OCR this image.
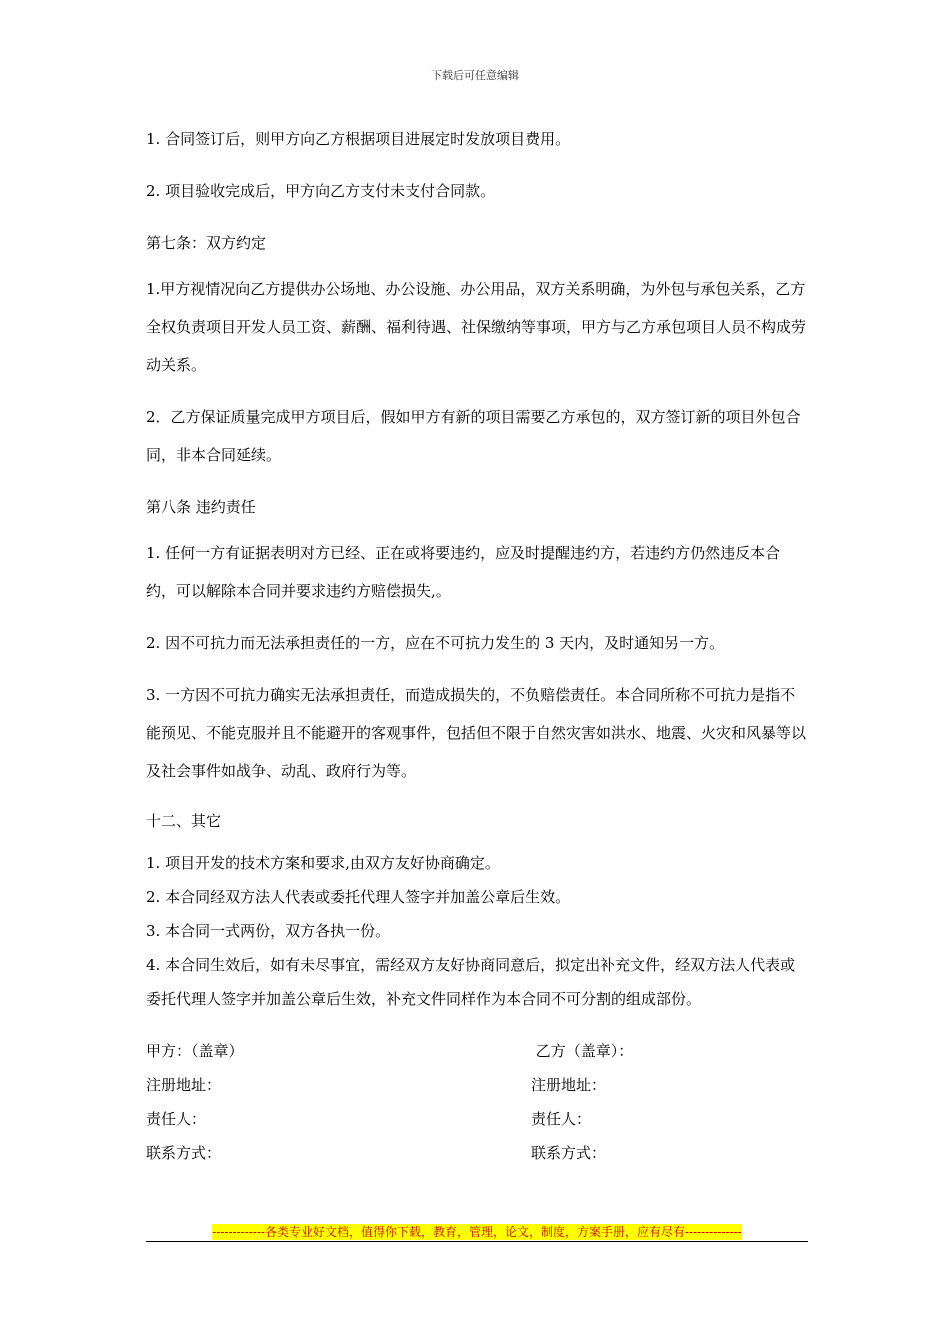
下载后可任意编辑

1. 合同签订后，则甲方向乙方根据项目进展定时发放项目费用。

2. 项目验收完成后，甲方向乙方支付未支付合同款。

第七条：双方约定

1.甲方视情况向乙方提供办公场地、办公设施、办公用品，双方关系明确，为外包与承包关系，乙方全权负责项目开发人员工资、薪酬、福利待遇、社保缴纳等事项，甲方与乙方承包项目人员不构成劳动关系。

2．乙方保证质量完成甲方项目后，假如甲方有新的项目需要乙方承包的，双方签订新的项目外包合同，非本合同延续。

第八条 违约责任

1. 任何一方有证据表明对方已经、正在或将要违约，应及时提醒违约方，若违约方仍然违反本合约，可以解除本合同并要求违约方赔偿损失,。

2. 因不可抗力而无法承担责任的一方，应在不可抗力发生的 3 天内，及时通知另一方。

3. 一方因不可抗力确实无法承担责任，而造成损失的，不负赔偿责任。本合同所称不可抗力是指不能预见、不能克服并且不能避开的客观事件，包括但不限于自然灾害如洪水、地震、火灾和风暴等以及社会事件如战争、动乱、政府行为等。

十二、其它

1. 项目开发的技术方案和要求,由双方友好协商确定。

2. 本合同经双方法人代表或委托代理人签字并加盖公章后生效。

3. 本合同一式两份，双方各执一份。

4. 本合同生效后，如有未尽事宜，需经双方友好协商同意后，拟定出补充文件，经双方法人代表或委托代理人签字并加盖公章后生效，补充文件同样作为本合同不可分割的组成部份。

甲方：（盖章）	乙方（盖章）：
注册地址：	注册地址：
责任人：	责任人：
联系方式：	联系方式：
-------------各类专业好文档，值得你下载，教育，管理，论文，制度，方案手册，应有尽有--------------
